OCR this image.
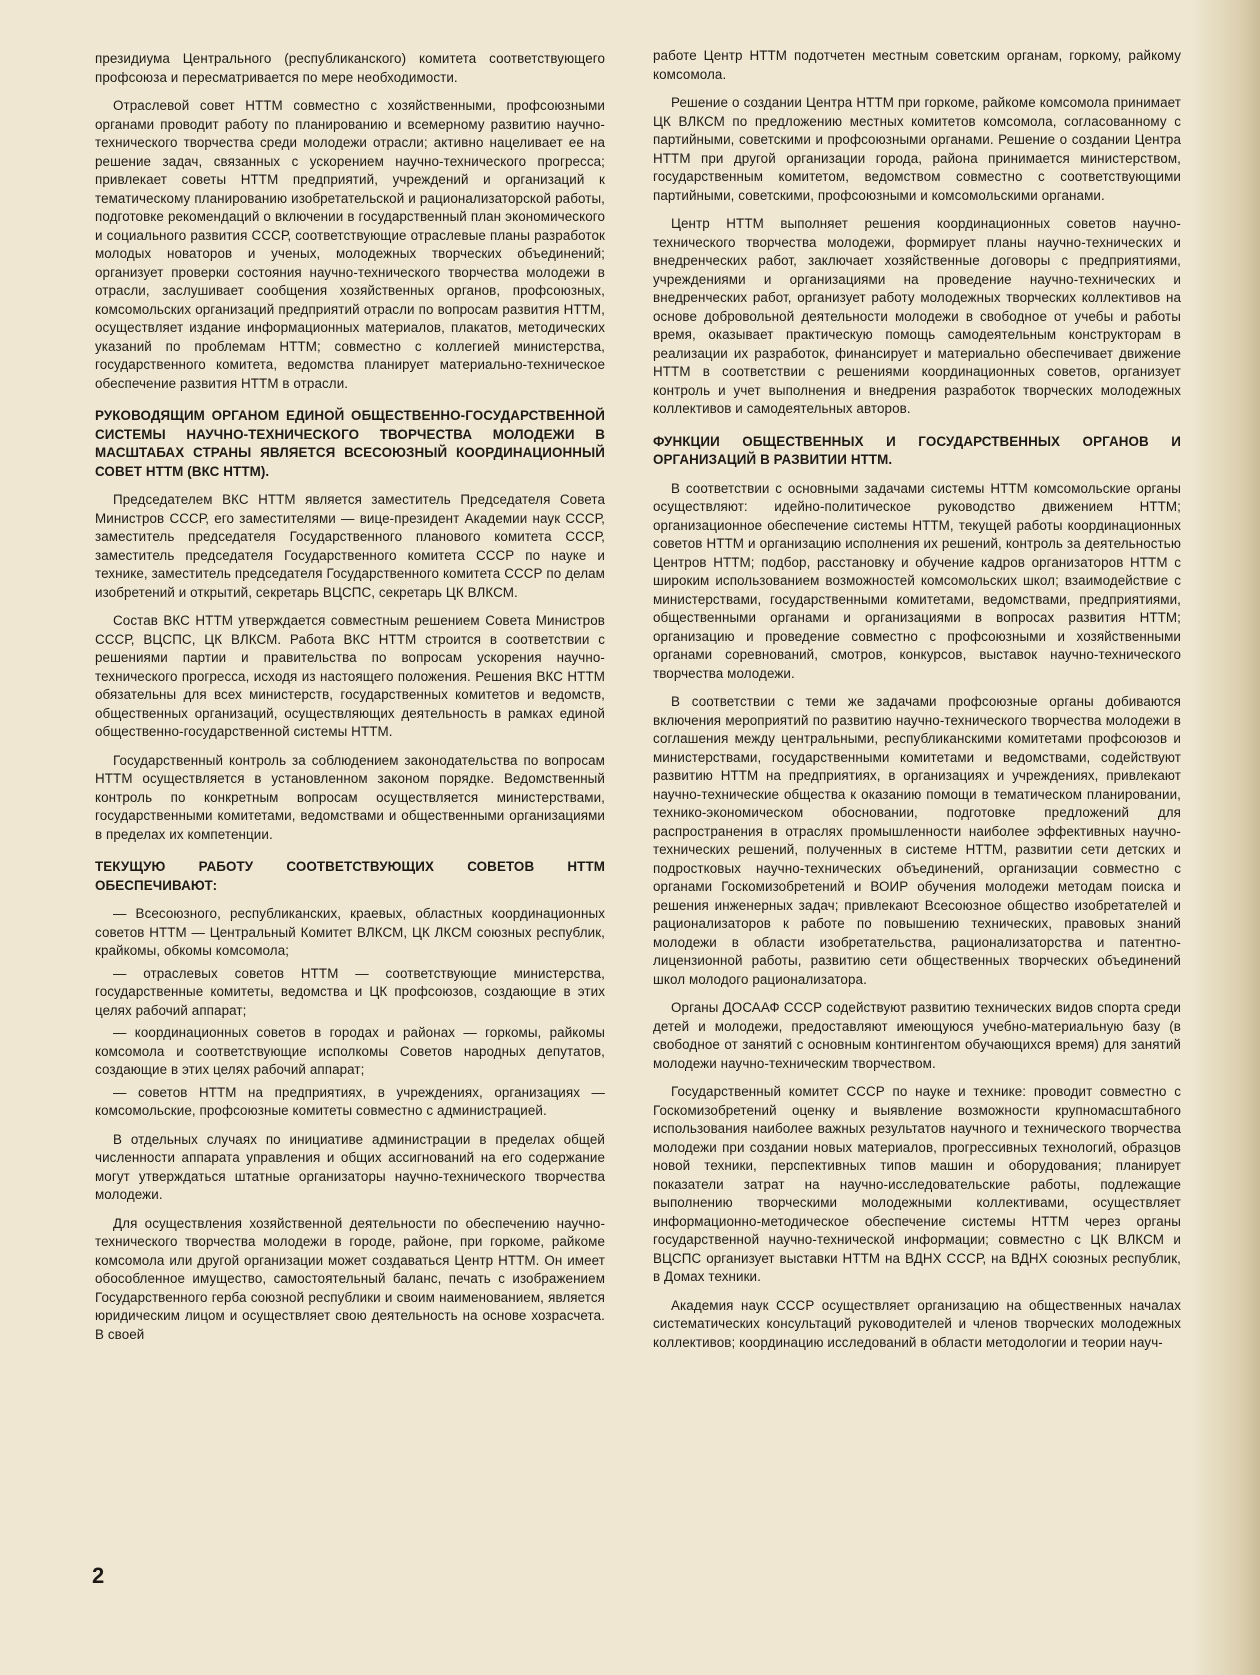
президиума Центрального (республиканского) комитета соответствующего профсоюза и пересматривается по мере необходимости.

Отраслевой совет НТТМ совместно с хозяйственными, профсоюзными органами проводит работу по планированию и всемерному развитию научно-технического творчества среди молодежи отрасли; активно нацеливает ее на решение задач, связанных с ускорением научно-технического прогресса; привлекает советы НТТМ предприятий, учреждений и организаций к тематическому планированию изобретательской и рационализаторской работы, подготовке рекомендаций о включении в государственный план экономического и социального развития СССР, соответствующие отраслевые планы разработок молодых новаторов и ученых, молодежных творческих объединений; организует проверки состояния научно-технического творчества молодежи в отрасли, заслушивает сообщения хозяйственных органов, профсоюзных, комсомольских организаций предприятий отрасли по вопросам развития НТТМ, осуществляет издание информационных материалов, плакатов, методических указаний по проблемам НТТМ; совместно с коллегией министерства, государственного комитета, ведомства планирует материально-техническое обеспечение развития НТТМ в отрасли.

РУКОВОДЯЩИМ ОРГАНОМ ЕДИНОЙ ОБЩЕСТВЕННО-ГОСУДАРСТВЕННОЙ СИСТЕМЫ НАУЧНО-ТЕХНИЧЕСКОГО ТВОРЧЕСТВА МОЛОДЕЖИ В МАСШТАБАХ СТРАНЫ ЯВЛЯЕТСЯ ВСЕСОЮЗНЫЙ КООРДИНАЦИОННЫЙ СОВЕТ НТТМ (ВКС НТТМ).

Председателем ВКС НТТМ является заместитель Председателя Совета Министров СССР, его заместителями — вице-президент Академии наук СССР, заместитель председателя Государственного планового комитета СССР, заместитель председателя Государственного комитета СССР по науке и технике, заместитель председателя Государственного комитета СССР по делам изобретений и открытий, секретарь ВЦСПС, секретарь ЦК ВЛКСМ.

Состав ВКС НТТМ утверждается совместным решением Совета Министров СССР, ВЦСПС, ЦК ВЛКСМ. Работа ВКС НТТМ строится в соответствии с решениями партии и правительства по вопросам ускорения научно-технического прогресса, исходя из настоящего положения. Решения ВКС НТТМ обязательны для всех министерств, государственных комитетов и ведомств, общественных организаций, осуществляющих деятельность в рамках единой общественно-государственной системы НТТМ.

Государственный контроль за соблюдением законодательства по вопросам НТТМ осуществляется в установленном законом порядке. Ведомственный контроль по конкретным вопросам осуществляется министерствами, государственными комитетами, ведомствами и общественными организациями в пределах их компетенции.

ТЕКУЩУЮ РАБОТУ СООТВЕТСТВУЮЩИХ СОВЕТОВ НТТМ ОБЕСПЕЧИВАЮТ:

— Всесоюзного, республиканских, краевых, областных координационных советов НТТМ — Центральный Комитет ВЛКСМ, ЦК ЛКСМ союзных республик, крайкомы, обкомы комсомола;

— отраслевых советов НТТМ — соответствующие министерства, государственные комитеты, ведомства и ЦК профсоюзов, создающие в этих целях рабочий аппарат;

— координационных советов в городах и районах — горкомы, райкомы комсомола и соответствующие исполкомы Советов народных депутатов, создающие в этих целях рабочий аппарат;

— советов НТТМ на предприятиях, в учреждениях, организациях — комсомольские, профсоюзные комитеты совместно с администрацией.

В отдельных случаях по инициативе администрации в пределах общей численности аппарата управления и общих ассигнований на его содержание могут утверждаться штатные организаторы научно-технического творчества молодежи.

Для осуществления хозяйственной деятельности по обеспечению научно-технического творчества молодежи в городе, районе, при горкоме, райкоме комсомола или другой организации может создаваться Центр НТТМ. Он имеет обособленное имущество, самостоятельный баланс, печать с изображением Государственного герба союзной республики и своим наименованием, является юридическим лицом и осуществляет свою деятельность на основе хозрасчета. В своей

работе Центр НТТМ подотчетен местным советским органам, горкому, райкому комсомола.

Решение о создании Центра НТТМ при горкоме, райкоме комсомола принимает ЦК ВЛКСМ по предложению местных комитетов комсомола, согласованному с партийными, советскими и профсоюзными органами. Решение о создании Центра НТТМ при другой организации города, района принимается министерством, государственным комитетом, ведомством совместно с соответствующими партийными, советскими, профсоюзными и комсомольскими органами.

Центр НТТМ выполняет решения координационных советов научно-технического творчества молодежи, формирует планы научно-технических и внедренческих работ, заключает хозяйственные договоры с предприятиями, учреждениями и организациями на проведение научно-технических и внедренческих работ, организует работу молодежных творческих коллективов на основе добровольной деятельности молодежи в свободное от учебы и работы время, оказывает практическую помощь самодеятельным конструкторам в реализации их разработок, финансирует и материально обеспечивает движение НТТМ в соответствии с решениями координационных советов, организует контроль и учет выполнения и внедрения разработок творческих молодежных коллективов и самодеятельных авторов.

ФУНКЦИИ ОБЩЕСТВЕННЫХ И ГОСУДАРСТВЕННЫХ ОРГАНОВ И ОРГАНИЗАЦИЙ В РАЗВИТИИ НТТМ.

В соответствии с основными задачами системы НТТМ комсомольские органы осуществляют: идейно-политическое руководство движением НТТМ; организационное обеспечение системы НТТМ, текущей работы координационных советов НТТМ и организацию исполнения их решений, контроль за деятельностью Центров НТТМ; подбор, расстановку и обучение кадров организаторов НТТМ с широким использованием возможностей комсомольских школ; взаимодействие с министерствами, государственными комитетами, ведомствами, предприятиями, общественными органами и организациями в вопросах развития НТТМ; организацию и проведение совместно с профсоюзными и хозяйственными органами соревнований, смотров, конкурсов, выставок научно-технического творчества молодежи.

В соответствии с теми же задачами профсоюзные органы добиваются включения мероприятий по развитию научно-технического творчества молодежи в соглашения между центральными, республиканскими комитетами профсоюзов и министерствами, государственными комитетами и ведомствами, содействуют развитию НТТМ на предприятиях, в организациях и учреждениях, привлекают научно-технические общества к оказанию помощи в тематическом планировании, технико-экономическом обосновании, подготовке предложений для распространения в отраслях промышленности наиболее эффективных научно-технических решений, полученных в системе НТТМ, развитии сети детских и подростковых научно-технических объединений, организации совместно с органами Госкомизобретений и ВОИР обучения молодежи методам поиска и решения инженерных задач; привлекают Всесоюзное общество изобретателей и рационализаторов к работе по повышению технических, правовых знаний молодежи в области изобретательства, рационализаторства и патентно-лицензионной работы, развитию сети общественных творческих объединений школ молодого рационализатора.

Органы ДОСААФ СССР содействуют развитию технических видов спорта среди детей и молодежи, предоставляют имеющуюся учебно-материальную базу (в свободное от занятий с основным контингентом обучающихся время) для занятий молодежи научно-техническим творчеством.

Государственный комитет СССР по науке и технике: проводит совместно с Госкомизобретений оценку и выявление возможности крупномасштабного использования наиболее важных результатов научного и технического творчества молодежи при создании новых материалов, прогрессивных технологий, образцов новой техники, перспективных типов машин и оборудования; планирует показатели затрат на научно-исследовательские работы, подлежащие выполнению творческими молодежными коллективами, осуществляет информационно-методическое обеспечение системы НТТМ через органы государственной научно-технической информации; совместно с ЦК ВЛКСМ и ВЦСПС организует выставки НТТМ на ВДНХ СССР, на ВДНХ союзных республик, в Домах техники.

Академия наук СССР осуществляет организацию на общественных началах систематических консультаций руководителей и членов творческих молодежных коллективов; координацию исследований в области методологии и теории науч-

2
